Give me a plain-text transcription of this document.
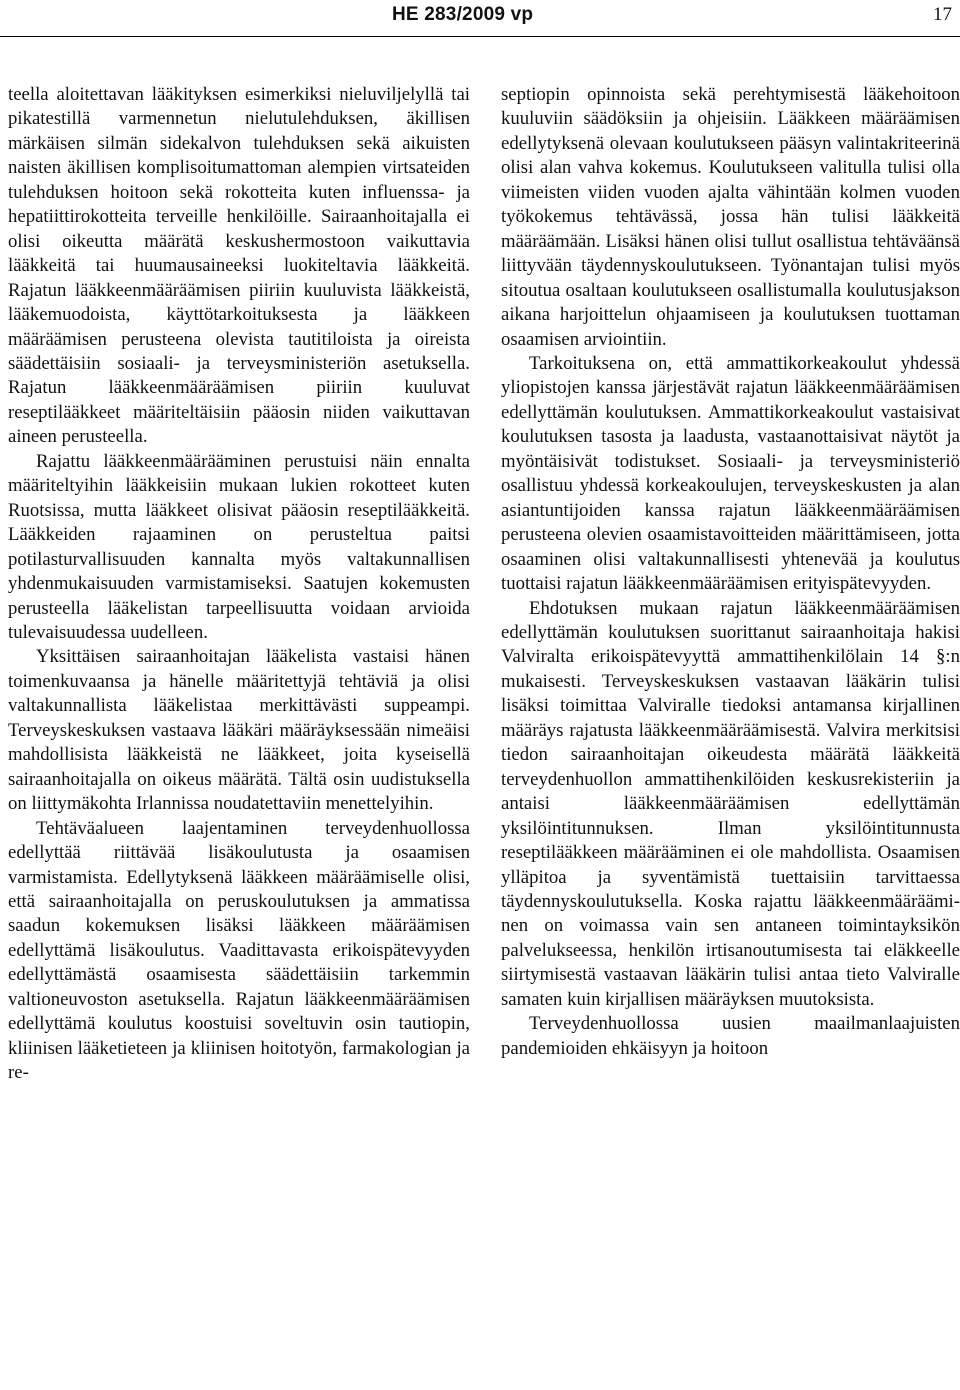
HE 283/2009 vp	17

teella aloitettavan lääkityksen esimerkiksi nieluviljelyllä tai pikatestillä varmennetun nielutulehduksen, äkillisen märkäisen silmän sidekalvon tulehduksen sekä aikuisten naisten äkillisen komplisoitumattoman alempien virtsateiden tulehduksen hoitoon sekä rokotteita kuten influenssa- ja hepatiittirokotteita terveille henkilöille. Sairaanhoitajalla ei olisi oikeutta määrätä keskushermostoon vaikuttavia lääkkeitä tai huumausaineeksi luokiteltavia lääkkeitä. Rajatun lääkkeenmääräämisen piiriin kuuluvista lääkkeistä, lääkemuodoista, käyttötarkoituksesta ja lääkkeen määräämisen perusteena olevista tautitiloista ja oireista säädettäisiin sosiaali- ja terveysministeriön asetuksella. Rajatun lääkkeenmääräämisen piiriin kuuluvat reseptilääkkeet määriteltäisiin pääosin niiden vaikuttavan aineen perusteella.

Rajattu lääkkeenmäärääminen perustuisi näin ennalta määriteltyihin lääkkeisiin mukaan lukien rokotteet kuten Ruotsissa, mutta lääkkeet olisivat pääosin reseptilääkkeitä. Lääkkeiden rajaaminen on perusteltua paitsi potilasturvallisuuden kannalta myös valtakunnallisen yhdenmukaisuuden varmistamiseksi. Saatujen kokemusten perusteella lääkelistan tarpeellisuutta voidaan arvioida tulevaisuudessa uudelleen.

Yksittäisen sairaanhoitajan lääkelista vastaisi hänen toimenkuvaansa ja hänelle määritettyjä tehtäviä ja olisi valtakunnallista lääkelistaa merkittävästi suppeampi. Terveyskeskuksen vastaava lääkäri määräyksessään nimeäisi mahdollisista lääkkeistä ne lääkkeet, joita kyseisellä sairaanhoitajalla on oikeus määrätä. Tältä osin uudistuksella on liittymäkohta Irlannissa noudatettaviin menettelyihin.

Tehtäväalueen laajentaminen terveydenhuollossa edellyttää riittävää lisäkoulutusta ja osaamisen varmistamista. Edellytyksenä lääkkeen määräämiselle olisi, että sairaanhoitajalla on peruskoulutuksen ja ammatissa saadun kokemuksen lisäksi lääkkeen määräämisen edellyttämä lisäkoulutus. Vaadittavasta erikoispätevyyden edellyttämästä osaamisesta säädettäisiin tarkemmin valtioneuvoston asetuksella. Rajatun lääkkeenmääräämisen edellyttämä koulutus koostuisi soveltuvin osin tautiopin, kliinisen lääketieteen ja kliinisen hoitotyön, farmakologian ja re-

septiopin opinnoista sekä perehtymisestä lääkehoitoon kuuluviin säädöksiin ja ohjeisiin. Lääkkeen määräämisen edellytyksenä olevaan koulutukseen pääsyn valintakriteerinä olisi alan vahva kokemus. Koulutukseen valitulla tulisi olla viimeisten viiden vuoden ajalta vähintään kolmen vuoden työkokemus tehtävässä, jossa hän tulisi lääkkeitä määräämään. Lisäksi hänen olisi tullut osallistua tehtäväänsä liittyvään täydennyskoulutukseen. Työnantajan tulisi myös sitoutua osaltaan koulutukseen osallistumalla koulutusjakson aikana harjoittelun ohjaamiseen ja koulutuksen tuottaman osaamisen arviointiin.

Tarkoituksena on, että ammattikorkeakoulut yhdessä yliopistojen kanssa järjestävät rajatun lääkkeenmääräämisen edellyttämän koulutuksen. Ammattikorkeakoulut vastaisivat koulutuksen tasosta ja laadusta, vastaanottaisivat näytöt ja myöntäisivät todistukset. Sosiaali- ja terveysministeriö osallistuu yhdessä korkeakoulujen, terveyskeskusten ja alan asiantuntijoiden kanssa rajatun lääkkeenmääräämisen perusteena olevien osaamistavoitteiden määrittämiseen, jotta osaaminen olisi valtakunnallisesti yhtenevää ja koulutus tuottaisi rajatun lääkkeenmääräämisen erityispätevyyden.

Ehdotuksen mukaan rajatun lääkkeenmääräämisen edellyttämän koulutuksen suorittanut sairaanhoitaja hakisi Valviralta erikoispätevyyttä ammattihenkilölain 14 §:n mukaisesti. Terveyskeskuksen vastaavan lääkärin tulisi lisäksi toimittaa Valviralle tiedoksi antamansa kirjallinen määräys rajatusta lääkkeenmääräämisestä. Valvira merkitsisi tiedon sairaanhoitajan oikeudesta määrätä lääkkeitä terveydenhuollon ammattihenkilöiden keskusrekisteriin ja antaisi lääkkeenmääräämisen edellyttämän yksilöintitunnuksen. Ilman yksilöintitunnusta reseptilääkkeen määrääminen ei ole mahdollista. Osaamisen ylläpitoa ja syventämistä tuettaisiin tarvittaessa täydennyskoulutuksella. Koska rajattu lääkkeenmäärääminen on voimassa vain sen antaneen toimintayksikön palvelukseessa, henkilön irtisanoutumisesta tai eläkkeelle siirtymisestä vastaavan lääkärin tulisi antaa tieto Valviralle samaten kuin kirjallisen määräyksen muutoksista.

Terveydenhuollossa uusien maailmanlaajuisten pandemioiden ehkäisyyn ja hoitoon
